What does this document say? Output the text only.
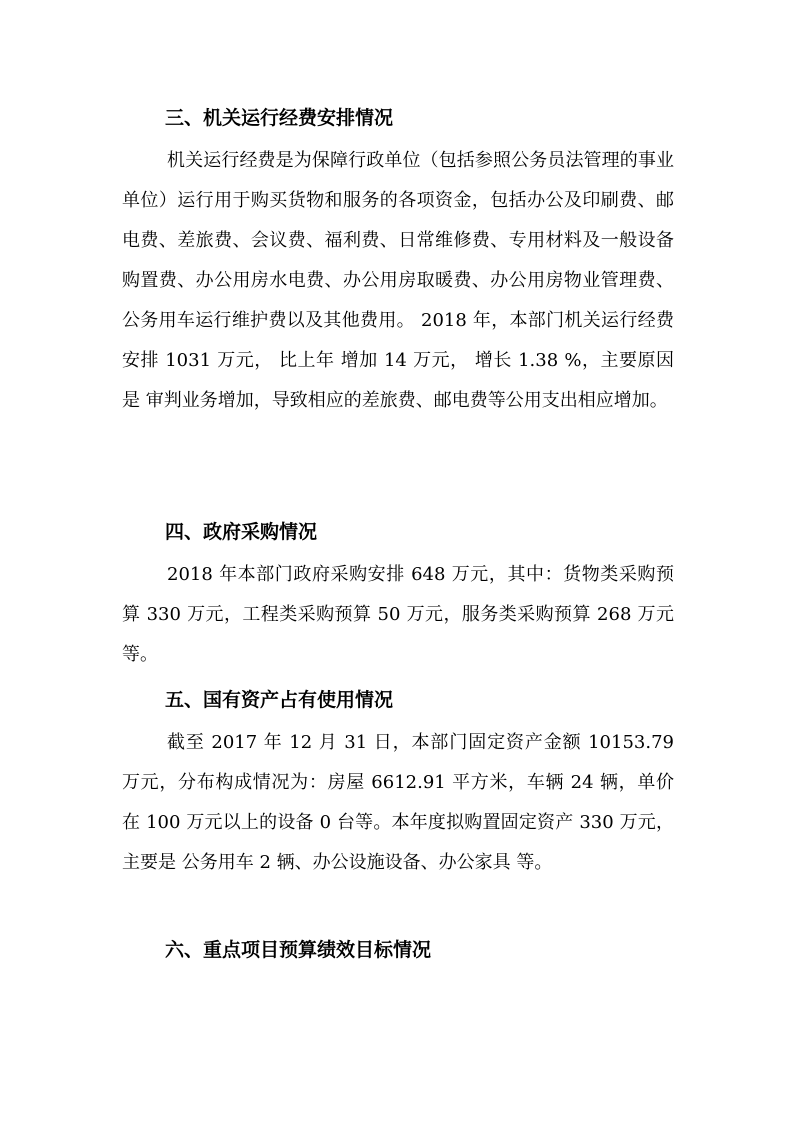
三、机关运行经费安排情况
机关运行经费是为保障行政单位（包括参照公务员法管理的事业单位）运行用于购买货物和服务的各项资金，包括办公及印刷费、邮电费、差旅费、会议费、福利费、日常维修费、专用材料及一般设备购置费、办公用房水电费、办公用房取暖费、办公用房物业管理费、公务用车运行维护费以及其他费用。 2018 年，本部门机关运行经费安排 1031 万元， 比上年 增加 14 万元， 增长 1.38 %，主要原因是 审判业务增加，导致相应的差旅费、邮电费等公用支出相应增加。
四、政府采购情况
2018 年本部门政府采购安排 648 万元，其中：货物类采购预算 330 万元，工程类采购预算 50 万元，服务类采购预算 268 万元等。
五、国有资产占有使用情况
截至 2017 年 12 月 31 日，本部门固定资产金额 10153.79 万元，分布构成情况为：房屋 6612.91 平方米，车辆 24 辆，单价在 100 万元以上的设备 0 台等。本年度拟购置固定资产 330 万元，主要是 公务用车 2 辆、办公设施设备、办公家具 等。
六、重点项目预算绩效目标情况
